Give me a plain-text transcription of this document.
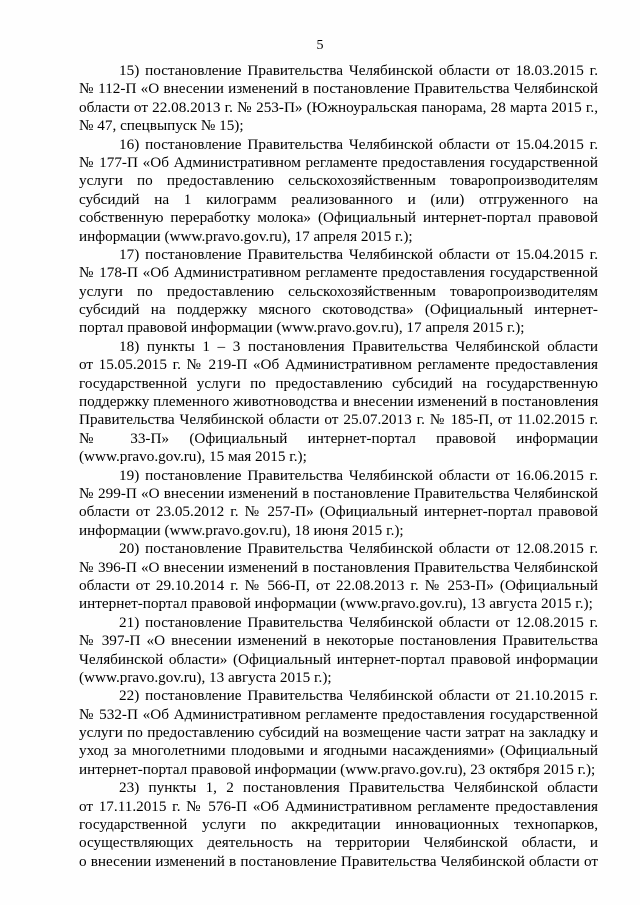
5
15) постановление Правительства Челябинской области от 18.03.2015 г.
№ 112-П «О внесении изменений в постановление Правительства Челябинской
области от 22.08.2013 г. № 253-П» (Южноуральская панорама, 28 марта 2015 г.,
№ 47, спецвыпуск № 15);
16) постановление Правительства Челябинской области от 15.04.2015 г.
№ 177-П «Об Административном регламенте предоставления государственной
услуги по предоставлению сельскохозяйственным товаропроизводителям
субсидий на 1 килограмм реализованного и (или) отгруженного на
собственную переработку молока» (Официальный интернет-портал правовой
информации (www.pravo.gov.ru), 17 апреля 2015 г.);
17) постановление Правительства Челябинской области от 15.04.2015 г.
№ 178-П «Об Административном регламенте предоставления государственной
услуги по предоставлению сельскохозяйственным товаропроизводителям
субсидий на поддержку мясного скотоводства» (Официальный интернет-
портал правовой информации (www.pravo.gov.ru), 17 апреля 2015 г.);
18) пункты 1 – 3 постановления Правительства Челябинской области
от 15.05.2015 г. № 219-П «Об Административном регламенте предоставления
государственной услуги по предоставлению субсидий на государственную
поддержку племенного животноводства и внесении изменений в постановления
Правительства Челябинской области от 25.07.2013 г. № 185-П, от 11.02.2015 г.
№ 33-П» (Официальный интернет-портал правовой информации
(www.pravo.gov.ru), 15 мая 2015 г.);
19) постановление Правительства Челябинской области от 16.06.2015 г.
№ 299-П «О внесении изменений в постановление Правительства Челябинской
области от 23.05.2012 г. № 257-П» (Официальный интернет-портал правовой
информации (www.pravo.gov.ru), 18 июня 2015 г.);
20) постановление Правительства Челябинской области от 12.08.2015 г.
№ 396-П «О внесении изменений в постановления Правительства Челябинской
области от 29.10.2014 г. № 566-П, от 22.08.2013 г. № 253-П» (Официальный
интернет-портал правовой информации (www.pravo.gov.ru), 13 августа 2015 г.);
21) постановление Правительства Челябинской области от 12.08.2015 г.
№ 397-П «О внесении изменений в некоторые постановления Правительства
Челябинской области» (Официальный интернет-портал правовой информации
(www.pravo.gov.ru), 13 августа 2015 г.);
22) постановление Правительства Челябинской области от 21.10.2015 г.
№ 532-П «Об Административном регламенте предоставления государственной
услуги по предоставлению субсидий на возмещение части затрат на закладку и
уход за многолетними плодовыми и ягодными насаждениями» (Официальный
интернет-портал правовой информации (www.pravo.gov.ru), 23 октября 2015 г.);
23) пункты 1, 2 постановления Правительства Челябинской области
от 17.11.2015 г. № 576-П «Об Административном регламенте предоставления
государственной услуги по аккредитации инновационных технопарков,
осуществляющих деятельность на территории Челябинской области, и
о внесении изменений в постановление Правительства Челябинской области от
